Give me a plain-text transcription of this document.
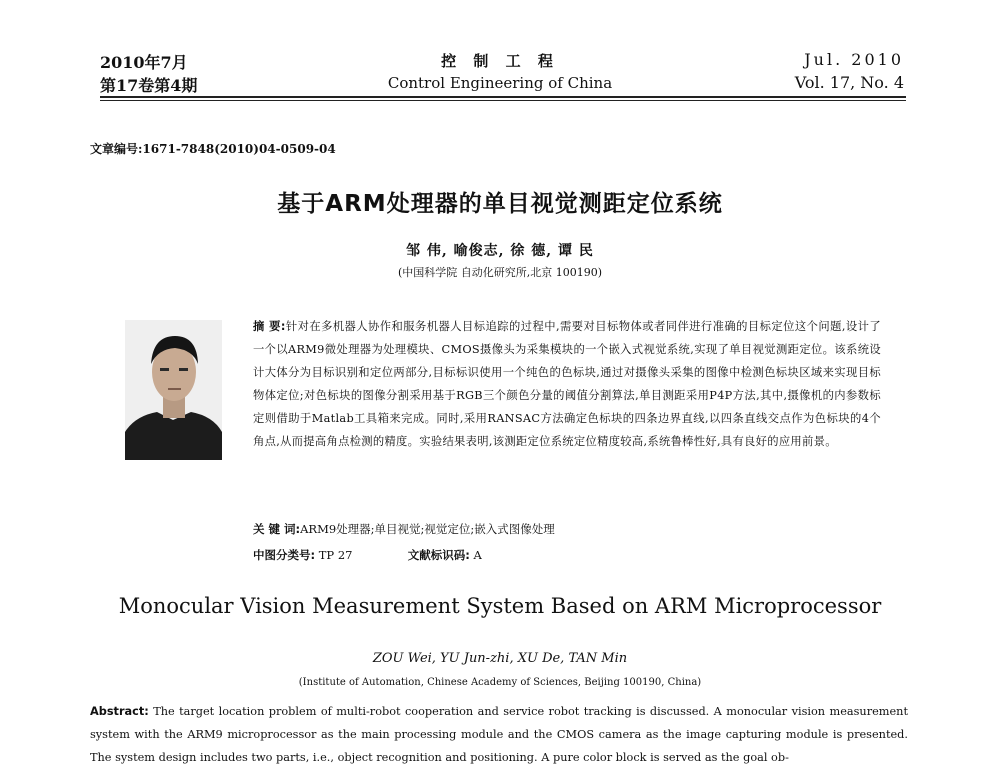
2010年7月
第17卷第4期
控 制 工 程
Control Engineering of China
Jul. 2010
Vol. 17, No. 4
文章编号:1671-7848(2010)04-0509-04
基于ARM处理器的单目视觉测距定位系统
邹 伟, 喻俊志, 徐 德, 谭 民
(中国科学院 自动化研究所,北京 100190)
摘 要:针对在多机器人协作和服务机器人目标追踪的过程中,需要对目标物体或者同伴进行准确的目标定位这个问题,设计了一个以ARM9微处理器为处理模块、CMOS摄像头为采集模块的一个嵌入式视觉系统,实现了单目视觉测距定位。该系统设计大体分为目标识别和定位两部分,目标标识使用一个纯色的色标块,通过对摄像头采集的图像中检测色标块区域来实现目标物体定位;对色标块的图像分割采用基于RGB三个颜色分量的阈值分割算法,单目测距采用P4P方法,其中,摄像机的内参数标定则借助于Matlab工具箱来完成。同时,采用RANSAC方法确定色标块的四条边界直线,以四条直线交点作为色标块的4个角点,从而提高角点检测的精度。实验结果表明,该测距定位系统定位精度较高,系统鲁棒性好,具有良好的应用前景。
关 键 词:ARM9处理器;单目视觉;视觉定位;嵌入式图像处理
中图分类号: TP 27	文献标识码: A
Monocular Vision Measurement System Based on ARM Microprocessor
ZOU Wei, YU Jun-zhi, XU De, TAN Min
(Institute of Automation, Chinese Academy of Sciences, Beijing 100190, China)
Abstract: The target location problem of multi-robot cooperation and service robot tracking is discussed. A monocular vision measurement system with the ARM9 microprocessor as the main processing module and the CMOS camera as the image capturing module is presented. The system design includes two parts, i.e., object recognition and positioning. A pure color block is served as the goal ob-
